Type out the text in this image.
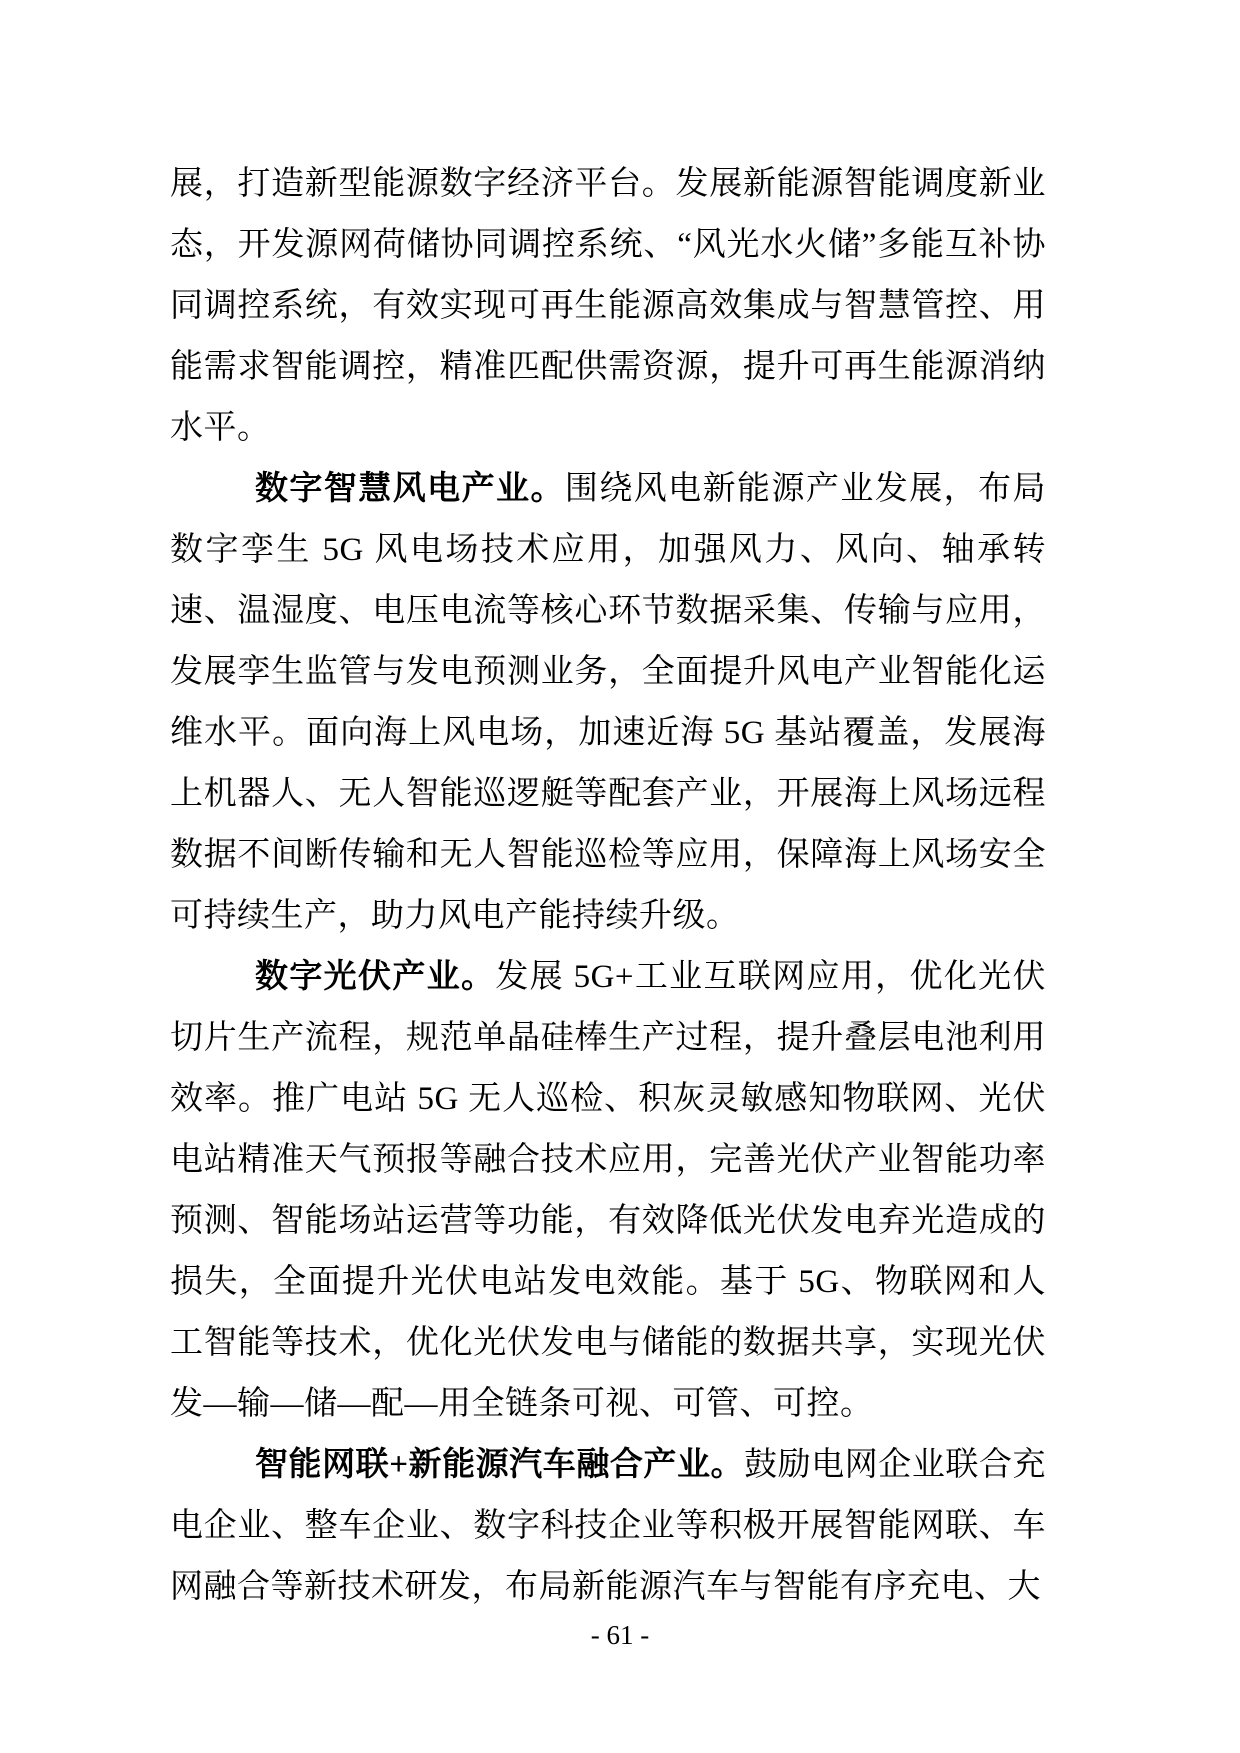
展，打造新型能源数字经济平台。发展新能源智能调度新业态，开发源网荷储协同调控系统、“风光水火储”多能互补协同调控系统，有效实现可再生能源高效集成与智慧管控、用能需求智能调控，精准匹配供需资源，提升可再生能源消纳水平。
数字智慧风电产业。围绕风电新能源产业发展，布局数字孪生 5G 风电场技术应用，加强风力、风向、轴承转速、温湿度、电压电流等核心环节数据采集、传输与应用，发展孪生监管与发电预测业务，全面提升风电产业智能化运维水平。面向海上风电场，加速近海 5G 基站覆盖，发展海上机器人、无人智能巡逻艇等配套产业，开展海上风场远程数据不间断传输和无人智能巡检等应用，保障海上风场安全可持续生产，助力风电产能持续升级。
数字光伏产业。发展 5G+工业互联网应用，优化光伏切片生产流程，规范单晶硅棒生产过程，提升叠层电池利用效率。推广电站 5G 无人巡检、积灰灵敏感知物联网、光伏电站精准天气预报等融合技术应用，完善光伏产业智能功率预测、智能场站运营等功能，有效降低光伏发电弃光造成的损失，全面提升光伏电站发电效能。基于 5G、物联网和人工智能等技术，优化光伏发电与储能的数据共享，实现光伏发—输—储—配—用全链条可视、可管、可控。
智能网联+新能源汽车融合产业。鼓励电网企业联合充电企业、整车企业、数字科技企业等积极开展智能网联、车网融合等新技术研发，布局新能源汽车与智能有序充电、大
- 61 -
